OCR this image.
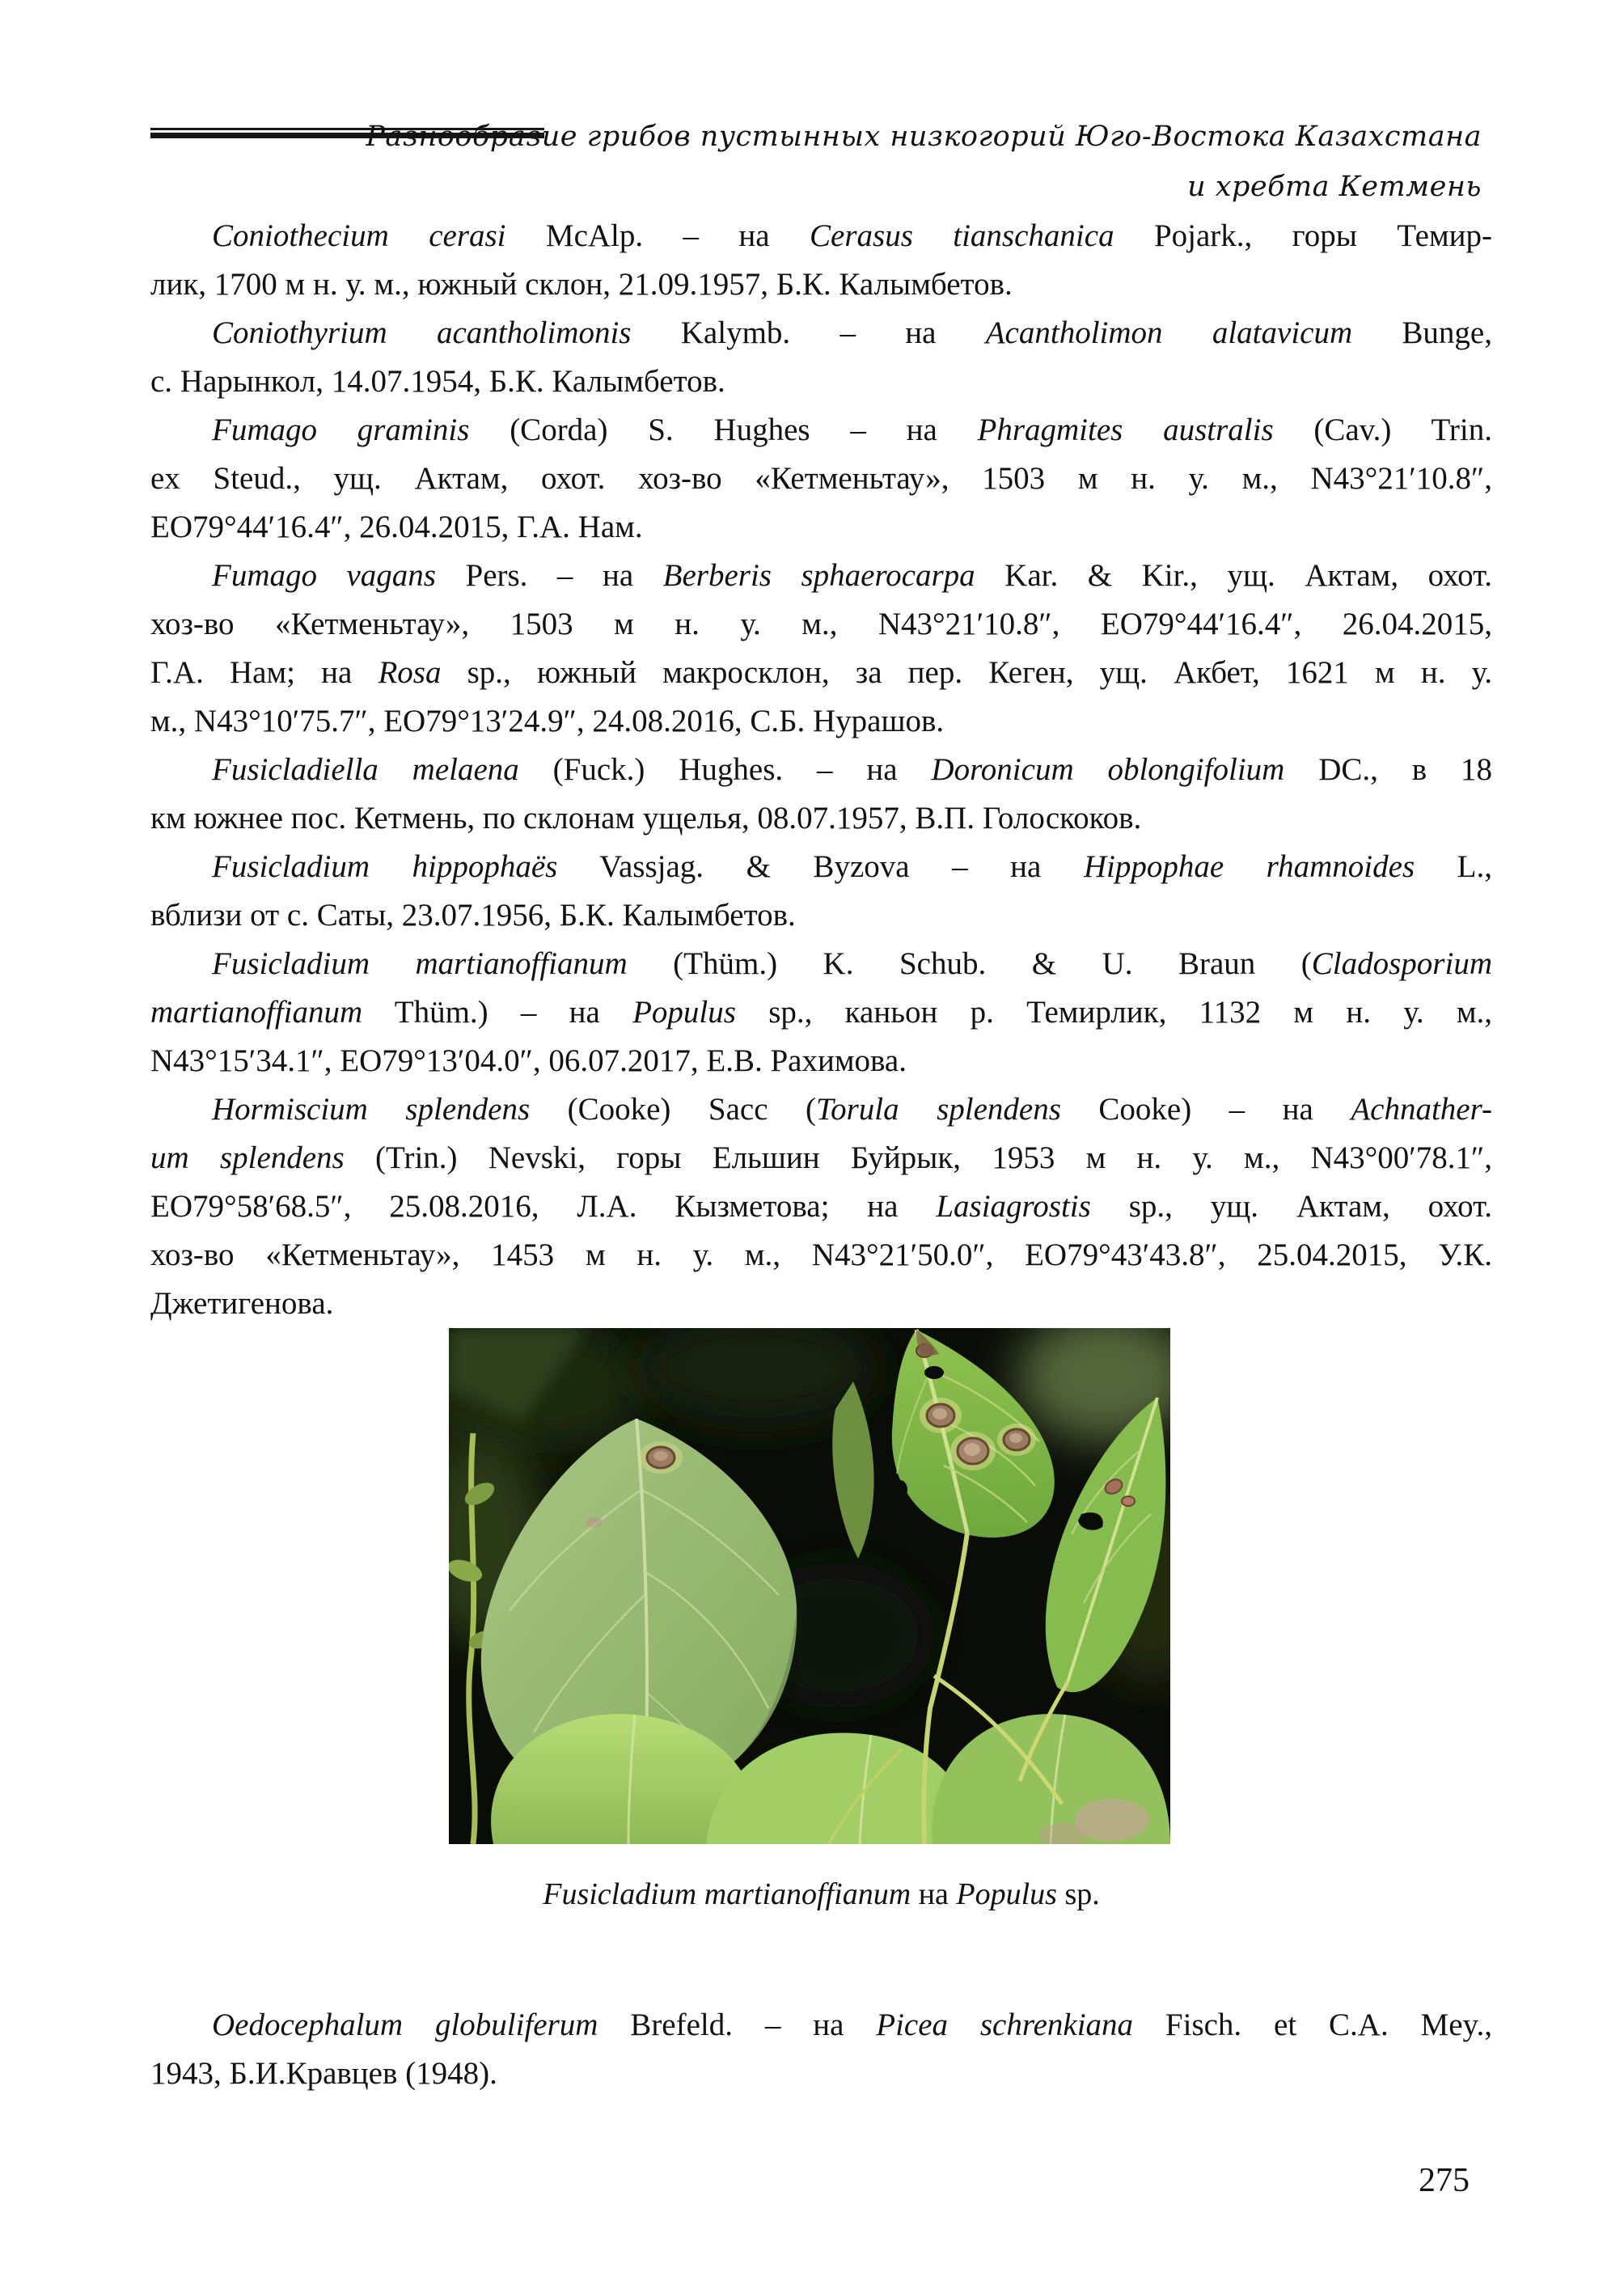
Разнообразие грибов пустынных низкогорий Юго-Востока Казахстана
и хребта Кетмень
Coniothecium cerasi McAlp. – на Cerasus tianschanica Pojark., горы Темир-
лик, 1700 м н. у. м., южный склон, 21.09.1957, Б.К. Калымбетов.
Coniothyrium acantholimonis Kalymb. – на Acantholimon alatavicum Bunge,
с. Нарынкол, 14.07.1954, Б.К. Калымбетов.
Fumago graminis (Corda) S. Hughes – на Phragmites australis (Cav.) Trin.
ex Steud., ущ. Актам, охот. хоз-во «Кетменьтау», 1503 м н. у. м., N43°21′10.8″,
EO79°44′16.4″, 26.04.2015, Г.А. Нам.
Fumago vagans Pers. – на Berberis sphaerocarpa Kar. & Kir., ущ. Актам, охот.
хоз-во «Кетменьтау», 1503 м н. у. м., N43°21′10.8″, EO79°44′16.4″, 26.04.2015,
Г.А. Нам; на Rosa sp., южный макросклон, за пер. Кеген, ущ. Акбет, 1621 м н. у.
м., N43°10′75.7″, EO79°13′24.9″, 24.08.2016, С.Б. Нурашов.
Fusicladiella melaena (Fuck.) Hughes. – на Doronicum oblongifolium DC., в 18
км южнее пос. Кетмень, по склонам ущелья, 08.07.1957, В.П. Голоскоков.
Fusicladium hippophaës Vassjag. & Byzova – на Hippophae rhamnoides L.,
вблизи от с. Саты, 23.07.1956, Б.К. Калымбетов.
Fusicladium martianoffianum (Thüm.) K. Schub. & U. Braun (Cladosporium
martianoffianum Thüm.) – на Populus sp., каньон р. Темирлик, 1132 м н. у. м.,
N43°15′34.1″, EO79°13′04.0″, 06.07.2017, Е.В. Рахимова.
Hormiscium splendens (Cooke) Sacc (Torula splendens Cooke) – на Achnather-
um splendens (Trin.) Nevski, горы Ельшин Буйрык, 1953 м н. у. м., N43°00′78.1″,
EO79°58′68.5″, 25.08.2016, Л.А. Кызметова; на Lasiagrostis sp., ущ. Актам, охот.
хоз-во «Кетменьтау», 1453 м н. у. м., N43°21′50.0″, EO79°43′43.8″, 25.04.2015, У.К.
Джетигенова.
Fusicladium martianoffianum на Populus sp.
Oedocephalum globuliferum Brefeld. – на Picea schrenkiana Fisch. et C.A. Mey.,
1943, Б.И.Кравцев (1948).
275
